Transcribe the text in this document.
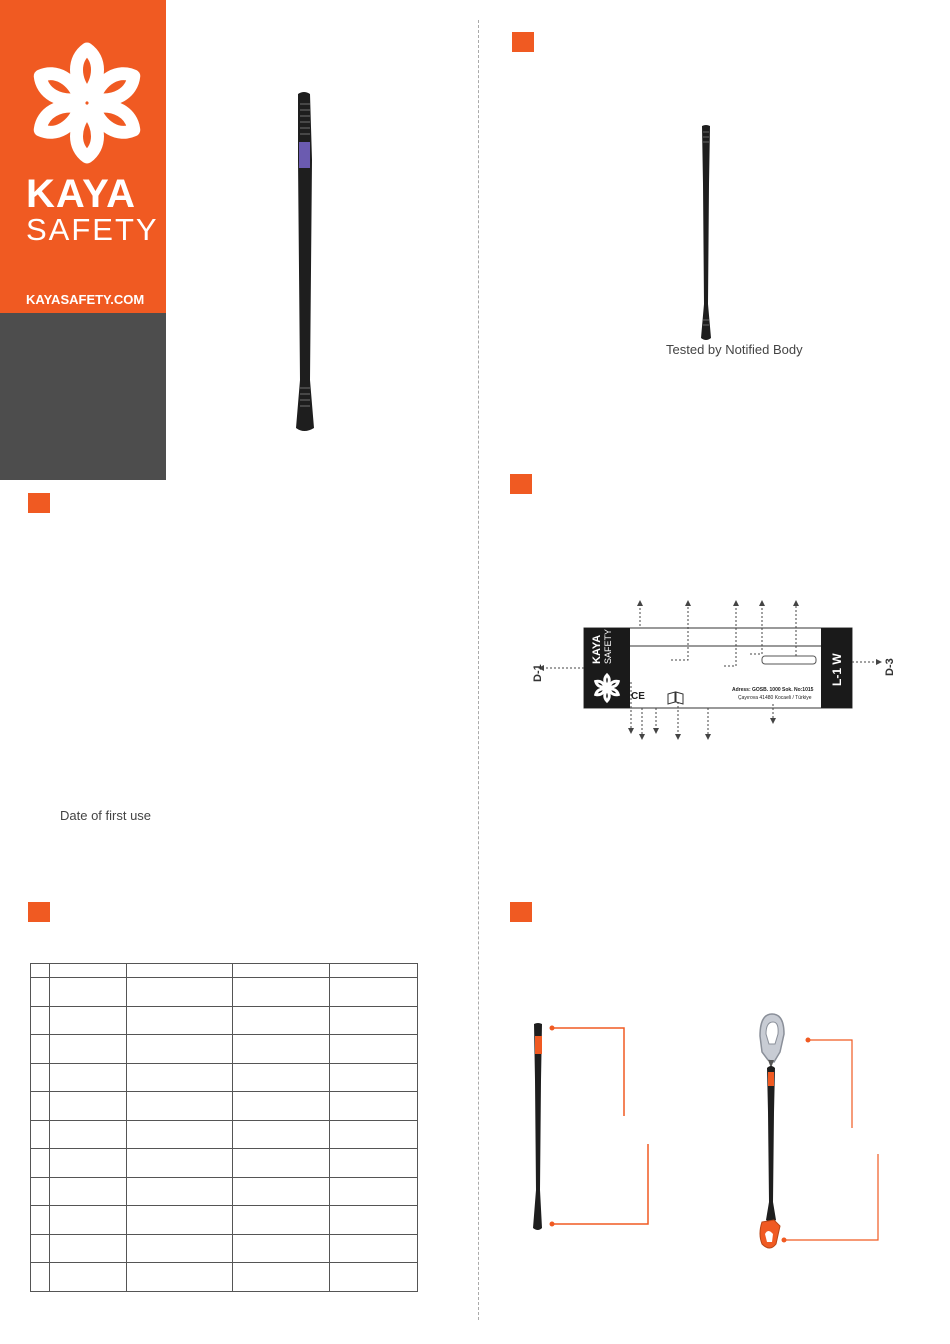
KAYA
SAFETY
KAYASAFETY.COM
Date of first use

Tested by Notified Body
KAYA SAFETY
CE
Adress: GOSB. 1000 Sok. No:1015
Çayırova 41480 Kocaeli / Türkiye
L-1 W
D-1	D-3
